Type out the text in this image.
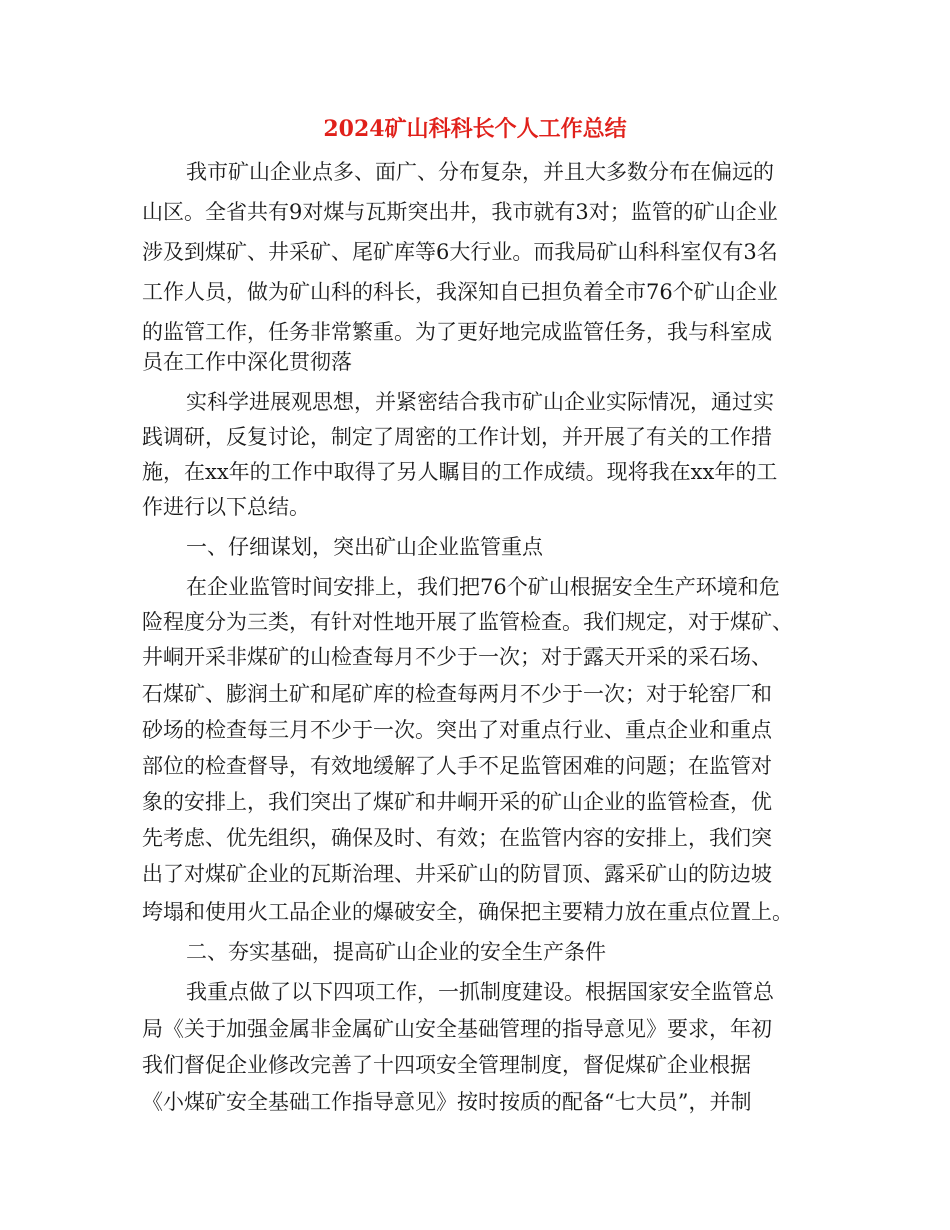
2024矿山科科长个人工作总结
我市矿山企业点多、面广、分布复杂，并且大多数分布在偏远的
山区。全省共有9对煤与瓦斯突出井，我市就有3对；监管的矿山企业
涉及到煤矿、井采矿、尾矿库等6大行业。而我局矿山科科室仅有3名
工作人员，做为矿山科的科长，我深知自已担负着全市76个矿山企业
的监管工作，任务非常繁重。为了更好地完成监管任务，我与科室成
员在工作中深化贯彻落
实科学进展观思想，并紧密结合我市矿山企业实际情况，通过实
践调研，反复讨论，制定了周密的工作计划，并开展了有关的工作措
施，在xx年的工作中取得了另人瞩目的工作成绩。现将我在xx年的工
作进行以下总结。
一、仔细谋划，突出矿山企业监管重点
在企业监管时间安排上，我们把76个矿山根据安全生产环境和危
险程度分为三类，有针对性地开展了监管检查。我们规定，对于煤矿、
井峒开采非煤矿的山检查每月不少于一次；对于露天开采的采石场、
石煤矿、膨润土矿和尾矿库的检查每两月不少于一次；对于轮窑厂和
砂场的检查每三月不少于一次。突出了对重点行业、重点企业和重点
部位的检查督导，有效地缓解了人手不足监管困难的问题；在监管对
象的安排上，我们突出了煤矿和井峒开采的矿山企业的监管检查，优
先考虑、优先组织，确保及时、有效；在监管内容的安排上，我们突
出了对煤矿企业的瓦斯治理、井采矿山的防冒顶、露采矿山的防边坡
垮塌和使用火工品企业的爆破安全，确保把主要精力放在重点位置上。
二、夯实基础，提高矿山企业的安全生产条件
我重点做了以下四项工作，一抓制度建设。根据国家安全监管总
局《关于加强金属非金属矿山安全基础管理的指导意见》要求，年初
我们督促企业修改完善了十四项安全管理制度，督促煤矿企业根据
《小煤矿安全基础工作指导意见》按时按质的配备“七大员”，并制
